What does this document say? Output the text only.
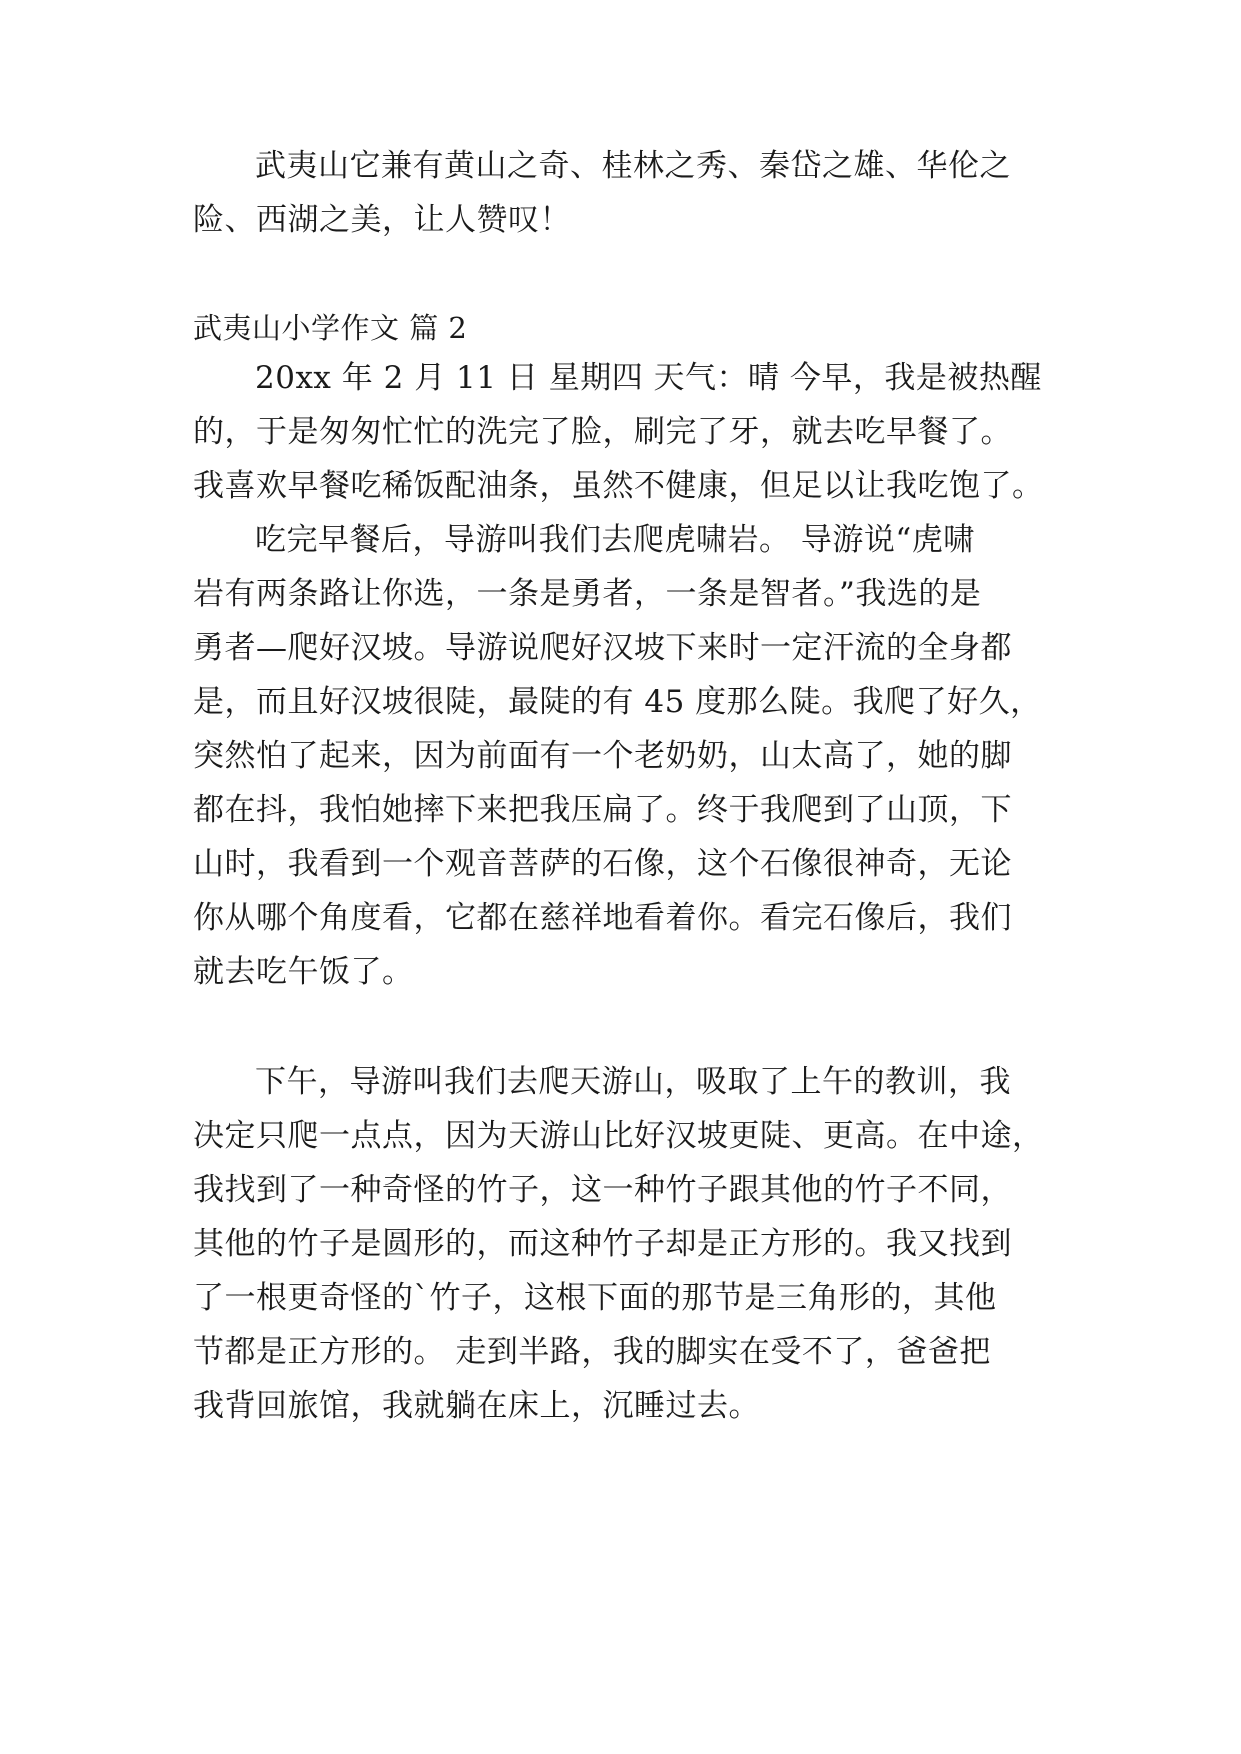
武夷山它兼有黄山之奇、桂林之秀、秦岱之雄、华伦之
险、西湖之美，让人赞叹！
武夷山小学作文 篇 2
20xx 年 2 月 11 日 星期四 天气：晴 今早，我是被热醒
的，于是匆匆忙忙的洗完了脸，刷完了牙，就去吃早餐了。
我喜欢早餐吃稀饭配油条，虽然不健康，但足以让我吃饱了。
吃完早餐后，导游叫我们去爬虎啸岩。 导游说“虎啸
岩有两条路让你选，一条是勇者，一条是智者。”我选的是
勇者—爬好汉坡。导游说爬好汉坡下来时一定汗流的全身都
是，而且好汉坡很陡，最陡的有 45 度那么陡。我爬了好久，
突然怕了起来，因为前面有一个老奶奶，山太高了，她的脚
都在抖，我怕她摔下来把我压扁了。终于我爬到了山顶，下
山时，我看到一个观音菩萨的石像，这个石像很神奇，无论
你从哪个角度看，它都在慈祥地看着你。看完石像后，我们
就去吃午饭了。
下午，导游叫我们去爬天游山，吸取了上午的教训，我
决定只爬一点点，因为天游山比好汉坡更陡、更高。在中途，
我找到了一种奇怪的竹子，这一种竹子跟其他的竹子不同，
其他的竹子是圆形的，而这种竹子却是正方形的。我又找到
了一根更奇怪的`竹子，这根下面的那节是三角形的，其他
节都是正方形的。 走到半路，我的脚实在受不了，爸爸把
我背回旅馆，我就躺在床上，沉睡过去。
